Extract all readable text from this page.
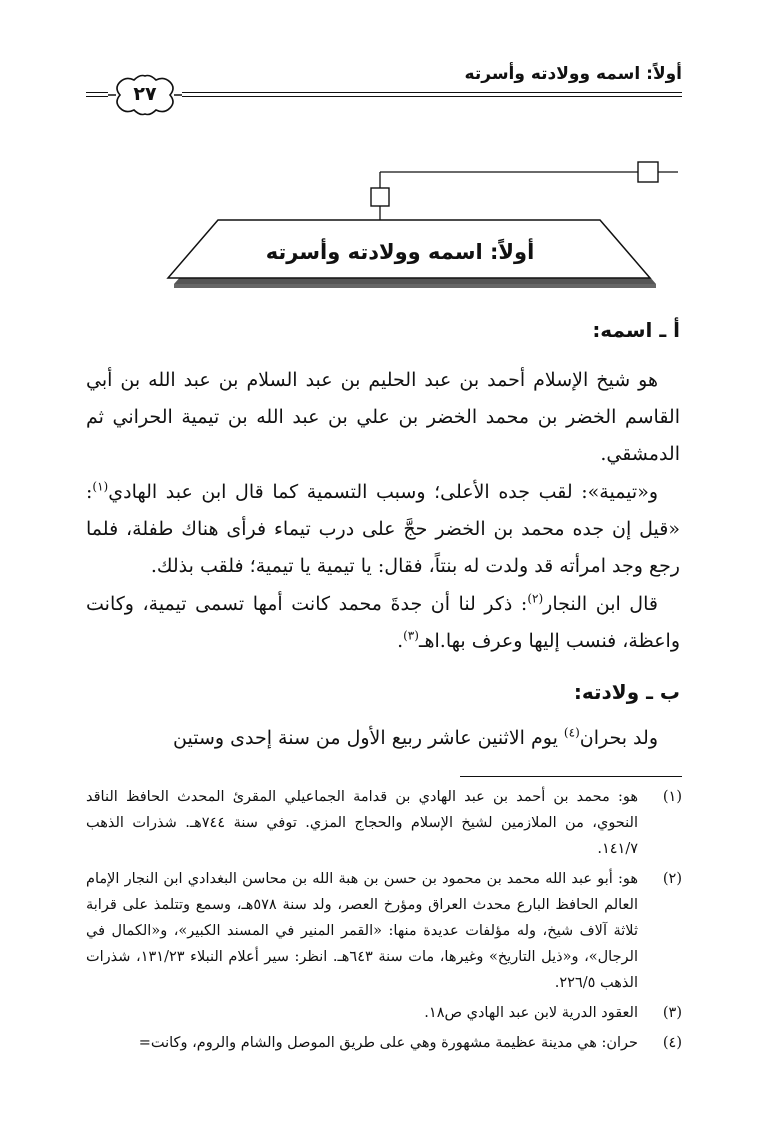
أولاً: اسمه وولادته وأسرته
٢٧
أولاً: اسمه وولادته وأسرته
أ ـ اسمه:
هو شيخ الإسلام أحمد بن عبد الحليم بن عبد السلام بن عبد الله بن أبي القاسم الخضر بن محمد الخضر بن علي بن عبد الله بن تيمية الحراني ثم الدمشقي.
و«تيمية»: لقب جده الأعلى؛ وسبب التسمية كما قال ابن عبد الهادي$^{(١)}$: «قيل إن جده محمد بن الخضر حجَّ على درب تيماء فرأى هناك طفلة، فلما رجع وجد امرأته قد ولدت له بنتاً، فقال: يا تيمية يا تيمية؛ فلقب بذلك.
قال ابن النجار$^{(٢)}$: ذكر لنا أن جدةَ محمد كانت أمها تسمى تيمية، وكانت واعظة، فنسب إليها وعرف بها.اهـ$^{(٣)}$.
ب ـ ولادته:
ولد بحران$^{(٤)}$ يوم الاثنين عاشر ربيع الأول من سنة إحدى وستين
(١)
هو: محمد بن أحمد بن عبد الهادي بن قدامة الجماعيلي المقرئ المحدث الحافظ الناقد النحوي، من الملازمين لشيخ الإسلام والحجاج المزي. توفي سنة ٧٤٤هـ. شذرات الذهب ١٤١/٧.
(٢)
هو: أبو عبد الله محمد بن محمود بن حسن بن هبة الله بن محاسن البغدادي ابن النجار الإمام العالم الحافظ البارع محدث العراق ومؤرخ العصر، ولد سنة ٥٧٨هـ، وسمع وتتلمذ على قرابة ثلاثة آلاف شيخ، وله مؤلفات عديدة منها: «القمر المنير في المسند الكبير»، و«الكمال في الرجال»، و«ذيل التاريخ» وغيرها، مات سنة ٦٤٣هـ. انظر: سير أعلام النبلاء ١٣١/٢٣، شذرات الذهب ٢٢٦/٥.
(٣)
العقود الدرية لابن عبد الهادي ص١٨.
(٤)
حران: هي مدينة عظيمة مشهورة وهي على طريق الموصل والشام والروم، وكانت=
